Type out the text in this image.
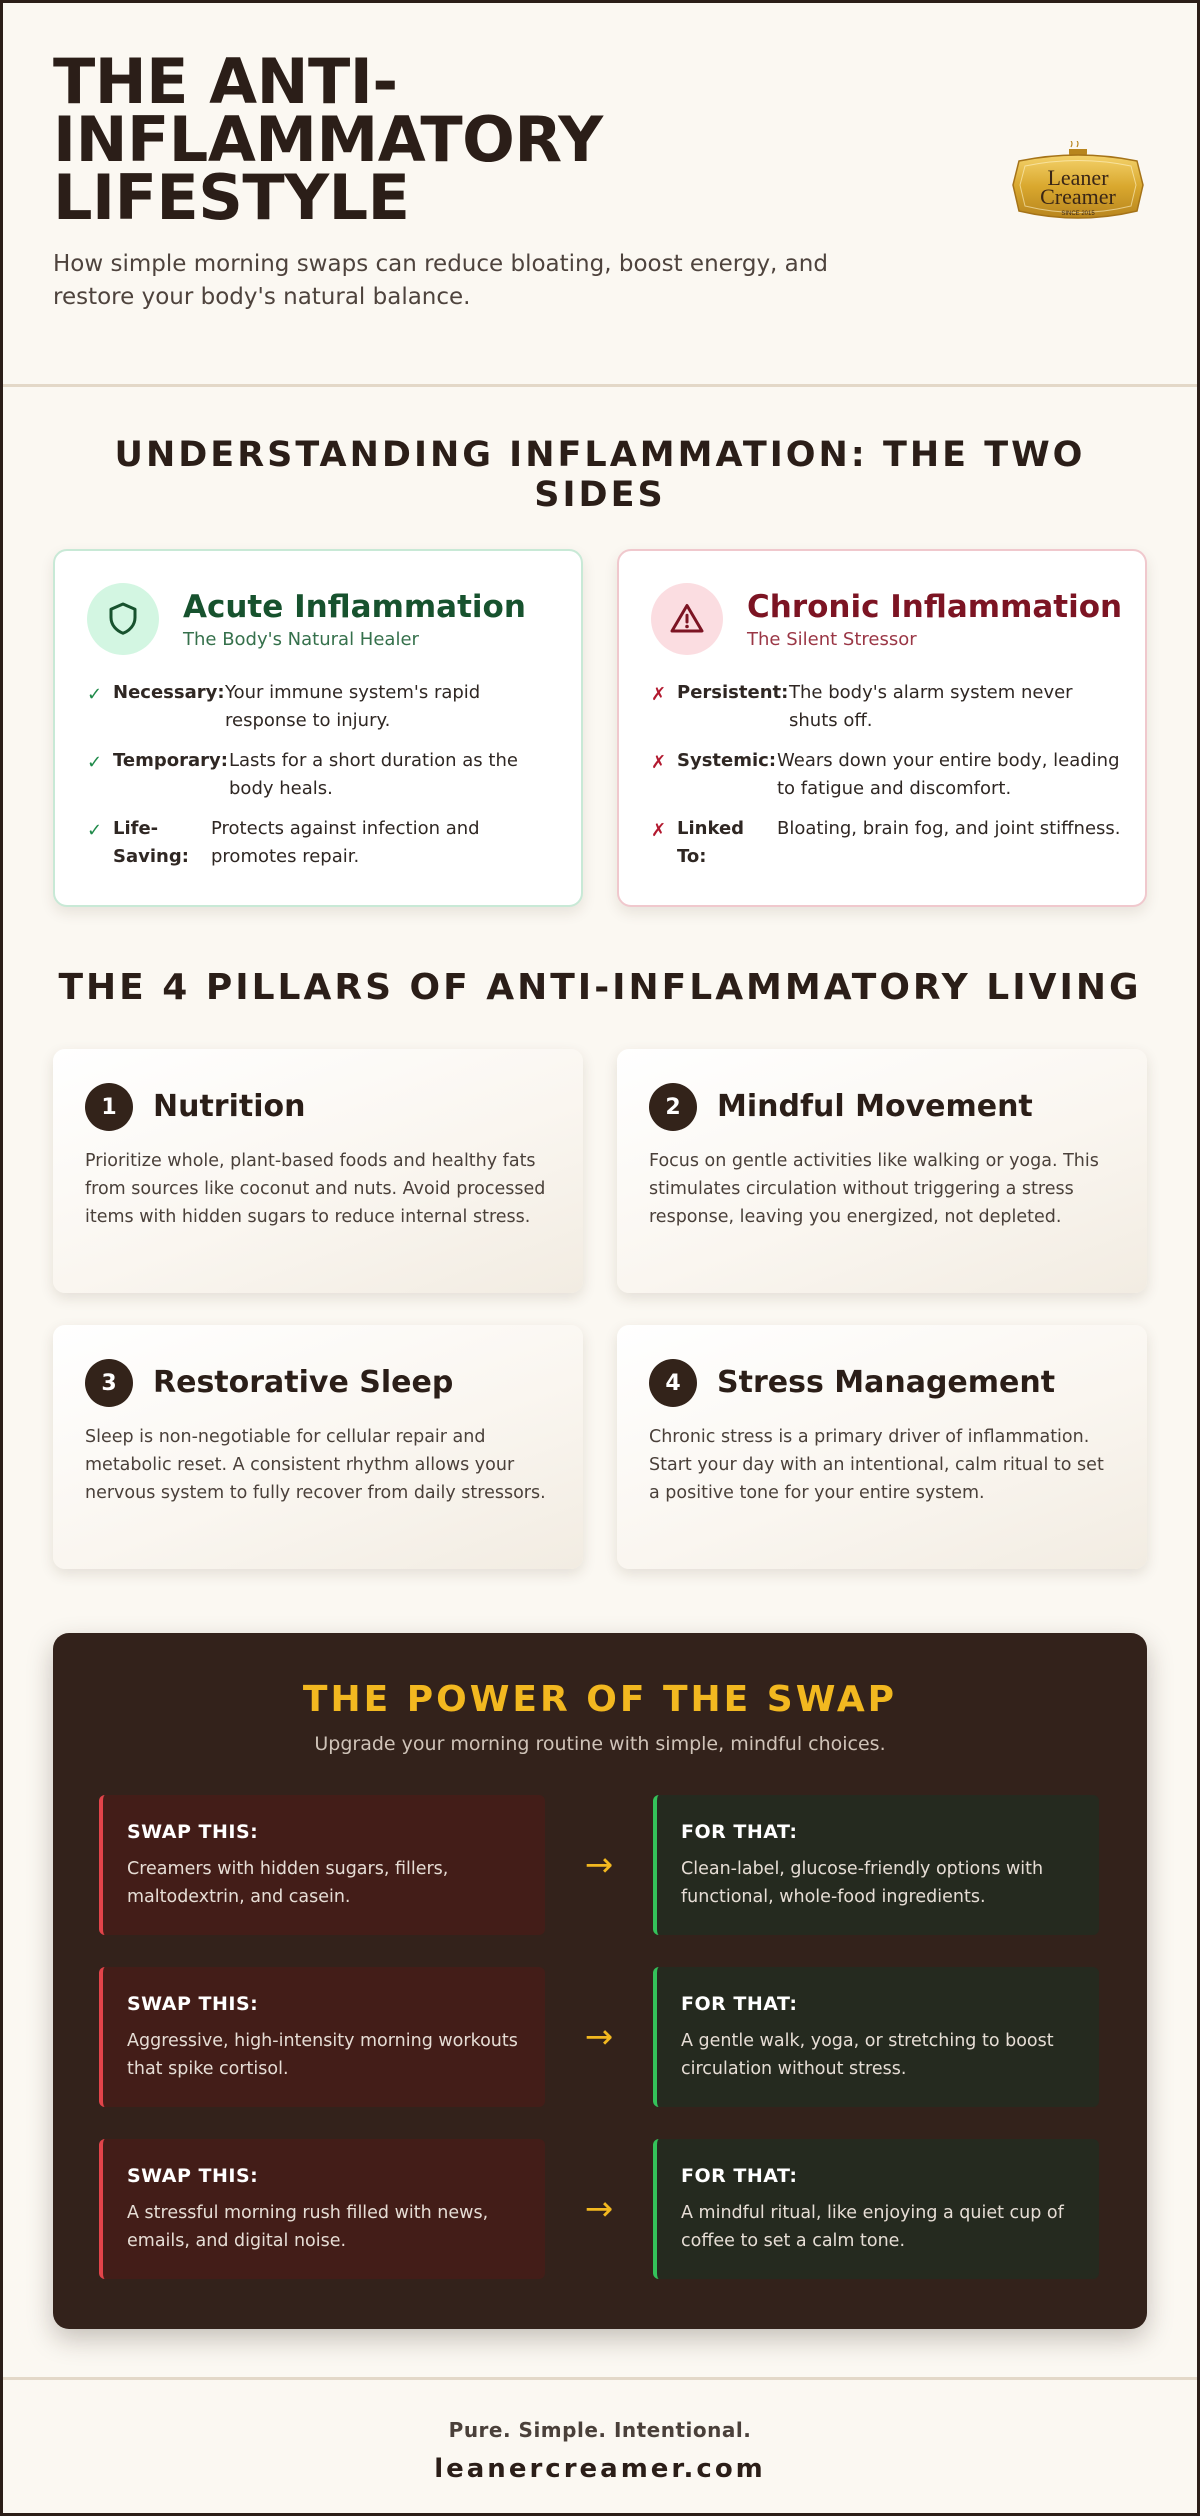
THE ANTI-INFLAMMATORY LIFESTYLE

How simple morning swaps can reduce bloating, boost energy, and restore your body's natural balance.

Leaner
Creamer
SINCE 2015
UNDERSTANDING INFLAMMATION: THE TWO SIDES
Acute Inflammation
The Body's Natural Healer
✓ Necessary: Your immune system's rapid response to injury.
✓ Temporary: Lasts for a short duration as the body heals.
✓ Life-Saving:
Protects against infection and promotes repair.
Chronic Inflammation
The Silent Stressor
✗ Persistent: The body's alarm system never shuts off.
✗ Systemic: Wears down your entire body, leading to fatigue and discomfort.
✗ Linked To:
Bloating, brain fog, and joint stiffness.
THE 4 PILLARS OF ANTI-INFLAMMATORY LIVING
1	Nutrition

Prioritize whole, plant-based foods and healthy fats from sources like coconut and nuts. Avoid processed items with hidden sugars to reduce internal stress.

2	Mindful Movement

Focus on gentle activities like walking or yoga. This stimulates circulation without triggering a stress response, leaving you energized, not depleted.

3	Restorative Sleep

Sleep is non-negotiable for cellular repair and metabolic reset. A consistent rhythm allows your nervous system to fully recover from daily stressors.

4	Stress Management

Chronic stress is a primary driver of inflammation. Start your day with an intentional, calm ritual to set a positive tone for your entire system.

THE POWER OF THE SWAP

Upgrade your morning routine with simple, mindful choices.

SWAP THIS:
Creamers with hidden sugars, fillers, maltodextrin, and casein.
→
FOR THAT:
Clean-label, glucose-friendly options with functional, whole-food ingredients.
SWAP THIS:
Aggressive, high-intensity morning workouts that spike cortisol.
→
FOR THAT:
A gentle walk, yoga, or stretching to boost circulation without stress.
SWAP THIS:
A stressful morning rush filled with news, emails, and digital noise.
→
FOR THAT:
A mindful ritual, like enjoying a quiet cup of coffee to set a calm tone.
Pure. Simple. Intentional.
leanercreamer.com
